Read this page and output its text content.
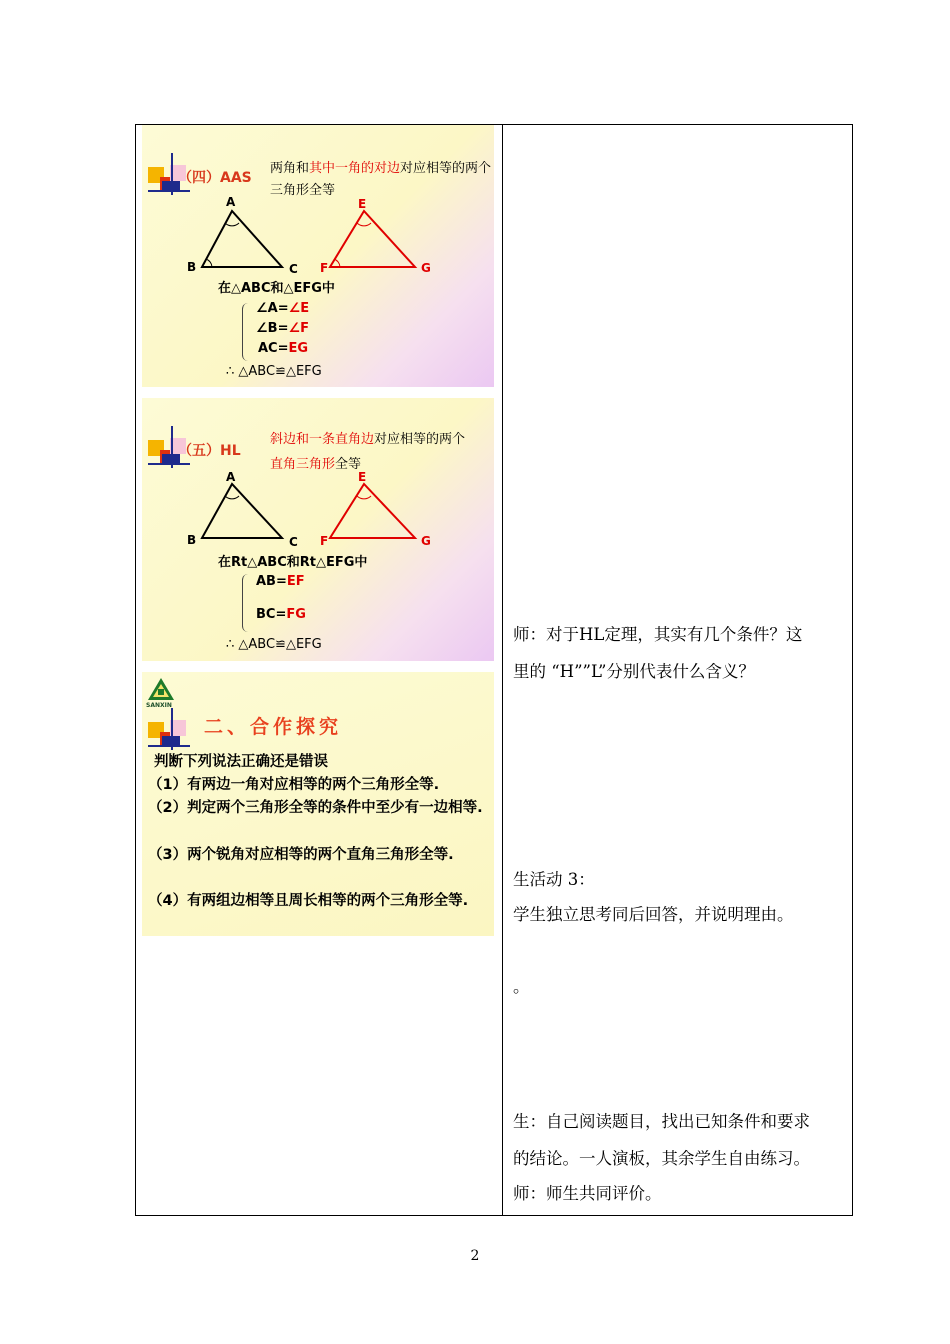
（四）AAS
两角和其中一角的对边对应相等的两个
三角形全等
A
B	C
E
F	G
在△ABC和△EFG中
∠A=∠E
∠B=∠F
AC=EG
∴ △ABC≌△EFG
（五）HL
斜边和一条直角边对应相等的两个
直角三角形全等
A
B	C
E
F	G
在Rt△ABC和Rt△EFG中
AB=EF
BC=FG
∴ △ABC≌△EFG
SANXIN
二、合作探究
判断下列说法正确还是错误
（1）有两边一角对应相等的两个三角形全等.
（2）判定两个三角形全等的条件中至少有一边相等.
（3）两个锐角对应相等的两个直角三角形全等.
（4）有两组边相等且周长相等的两个三角形全等.
师：对于HL定理，其实有几个条件？这
里的 “H””L”分别代表什么含义？
生活动 3：
学生独立思考同后回答，并说明理由。
。
生：自己阅读题目，找出已知条件和要求
的结论。一人演板，其余学生自由练习。
师：师生共同评价。
2
